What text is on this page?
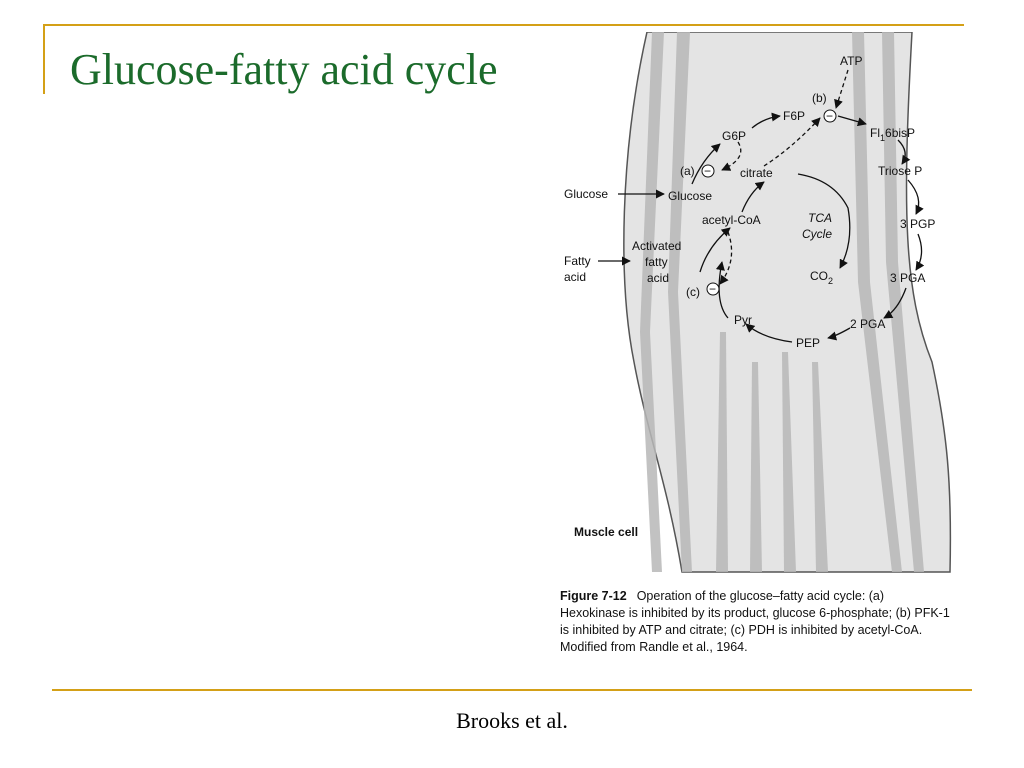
Glucose-fatty acid cycle
Glucose	Glucose
Fatty
acid
Activated
fatty
acid
G6P
F6P
ATP
(b)
(a)
(c)
$Fl_16bisP$
citrate
acetyl-CoA	TCA
Cycle
$CO_2$
Triose P
3 PGP
3 PGA
2 PGA
PEP
Pyr
Muscle cell
−
−
−
Figure 7-12 Operation of the glucose–fatty acid cycle: (a) Hexokinase is inhibited by its product, glucose 6-phosphate; (b) PFK-1 is inhibited by ATP and citrate; (c) PDH is inhibited by acetyl-CoA. Modified from Randle et al., 1964.
Brooks et al.
